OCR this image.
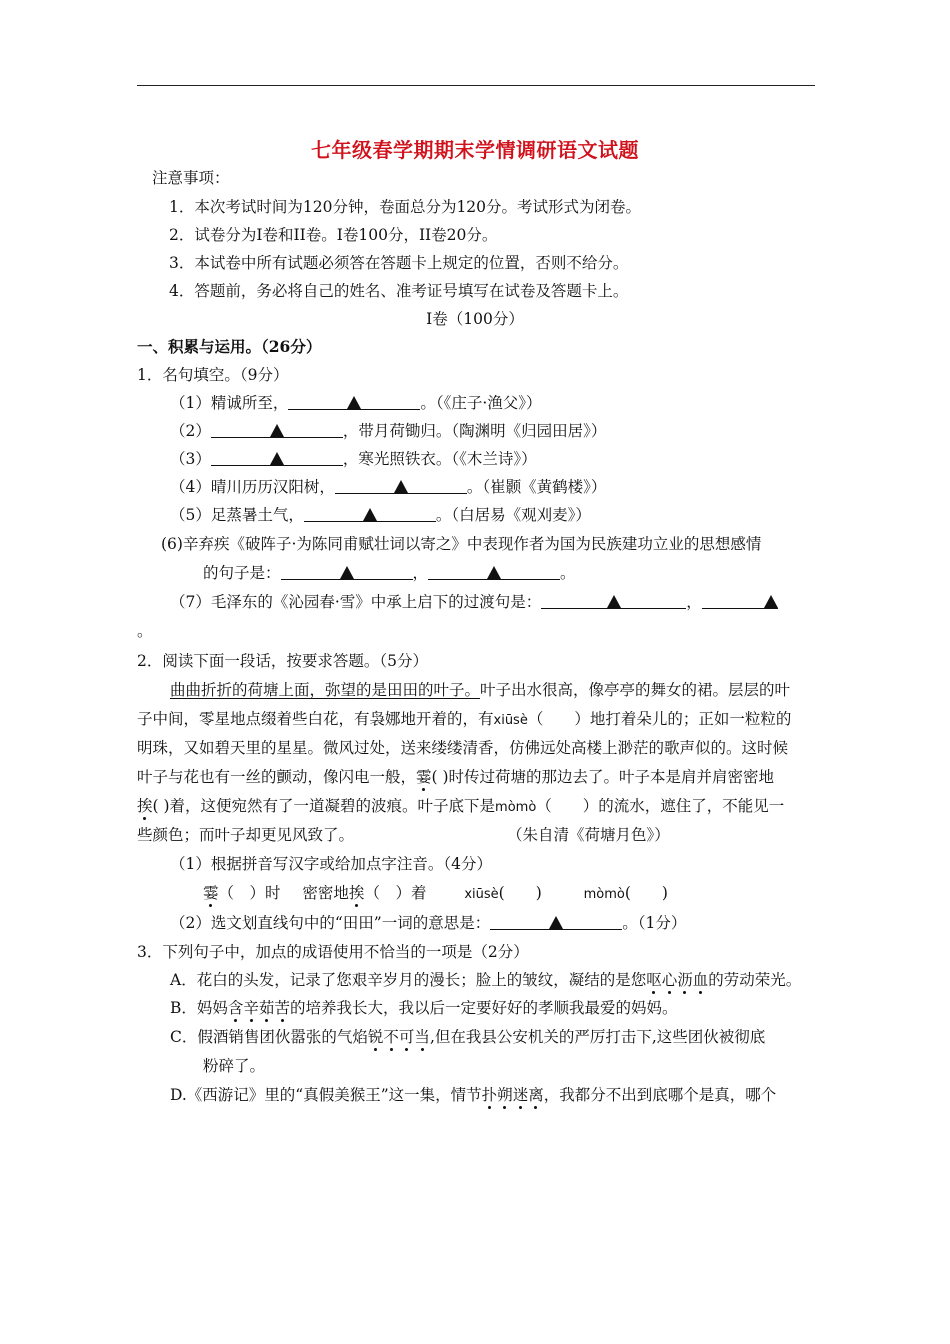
七年级春学期期末学情调研语文试题
注意事项：
1．本次考试时间为120分钟，卷面总分为120分。考试形式为闭卷。
2．试卷分为I卷和II卷。I卷100分，II卷20分。
3．本试卷中所有试题必须答在答题卡上规定的位置，否则不给分。
4．答题前，务必将自己的姓名、准考证号填写在试卷及答题卡上。
I卷（100分）
一、积累与运用。（26分）
1．名句填空。（9分）
（1）精诚所至，	。（《庄子·渔父》）
（2）	，带月荷锄归。（陶渊明《归园田居》）
（3）	，寒光照铁衣。（《木兰诗》）
（4）晴川历历汉阳树，	。（崔颢《黄鹤楼》）
（5）足蒸暑土气，	。（白居易《观刈麦》）
(6)辛弃疾《破阵子·为陈同甫赋壮词以寄之》中表现作者为国为民族建功立业的思想感情
的句子是：	，	。
（7）毛泽东的《沁园春·雪》中承上启下的过渡句是：	，
。
2．阅读下面一段话，按要求答题。（5分）
曲曲折折的荷塘上面，弥望的是田田的叶子。叶子出水很高，像亭亭的舞女的裙。层层的叶
子中间，零星地点缀着些白花，有袅娜地开着的，有xiūsè（　　）地打着朵儿的；正如一粒粒的
明珠，又如碧天里的星星。微风过处，送来缕缕清香，仿佛远处高楼上渺茫的歌声似的。这时候
叶子与花也有一丝的颤动，像闪电一般，霎( )时传过荷塘的那边去了。叶子本是肩并肩密密地
挨( )着，这便宛然有了一道凝碧的波痕。叶子底下是mòmò（　　）的流水，遮住了，不能见一
些颜色；而叶子却更见风致了。	（朱自清《荷塘月色》）
（1）根据拼音写汉字或给加点字注音。（4分）
霎（　）时 密密地挨（　）着	xiūsè(　　)	mòmò(　　)
（2）选文划直线句中的“田田”一词的意思是：	。（1分）
3．下列句子中，加点的成语使用不恰当的一项是（2分）
A．花白的头发，记录了您艰辛岁月的漫长；脸上的皱纹，凝结的是您呕心沥血的劳动荣光。
B．妈妈含辛茹苦的培养我长大，我以后一定要好好的孝顺我最爱的妈妈。
C．假酒销售团伙嚣张的气焰锐不可当,但在我县公安机关的严厉打击下,这些团伙被彻底
粉碎了。
D.《西游记》里的“真假美猴王”这一集，情节扑朔迷离，我都分不出到底哪个是真，哪个
